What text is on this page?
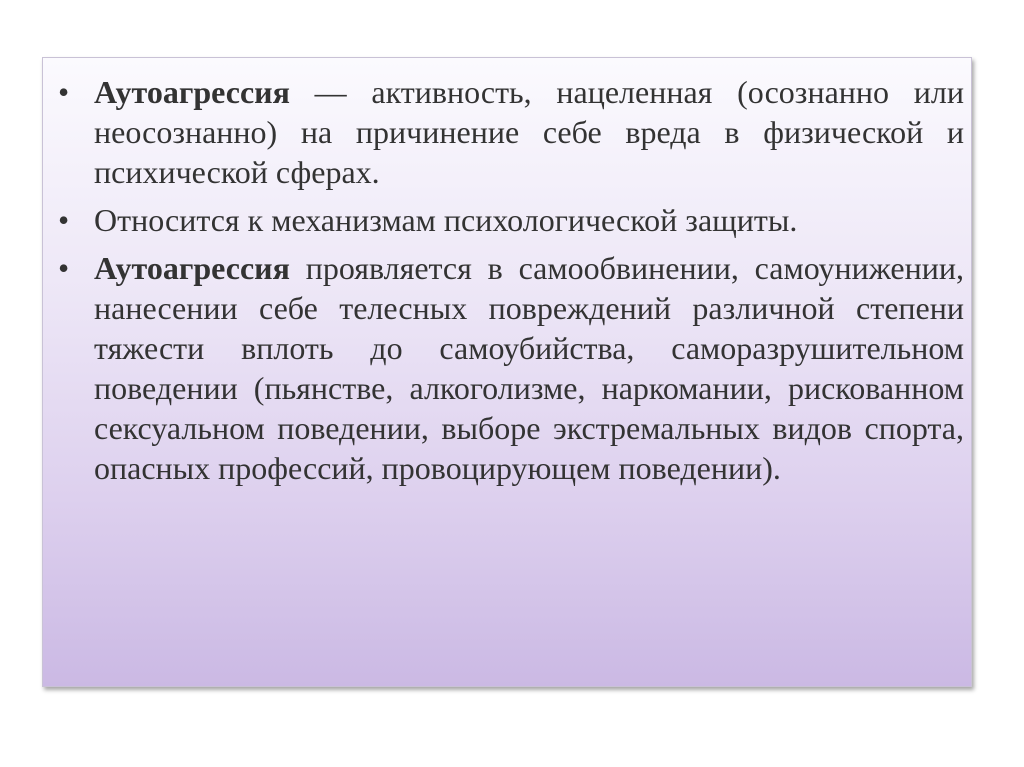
• Аутоагрессия — активность, нацеленная (осознанно или неосознанно) на причинение себе вреда в физической и психической сферах.
• Относится к механизмам психологической защиты.
• Аутоагрессия проявляется в самообвинении, самоунижении, нанесении себе телесных повреждений различной степени тяжести вплоть до самоубийства, саморазрушительном поведении (пьянстве, алкоголизме, наркомании, рискованном сексуальном поведении, выборе экстремальных видов спорта, опасных профессий, провоцирующем поведении).
